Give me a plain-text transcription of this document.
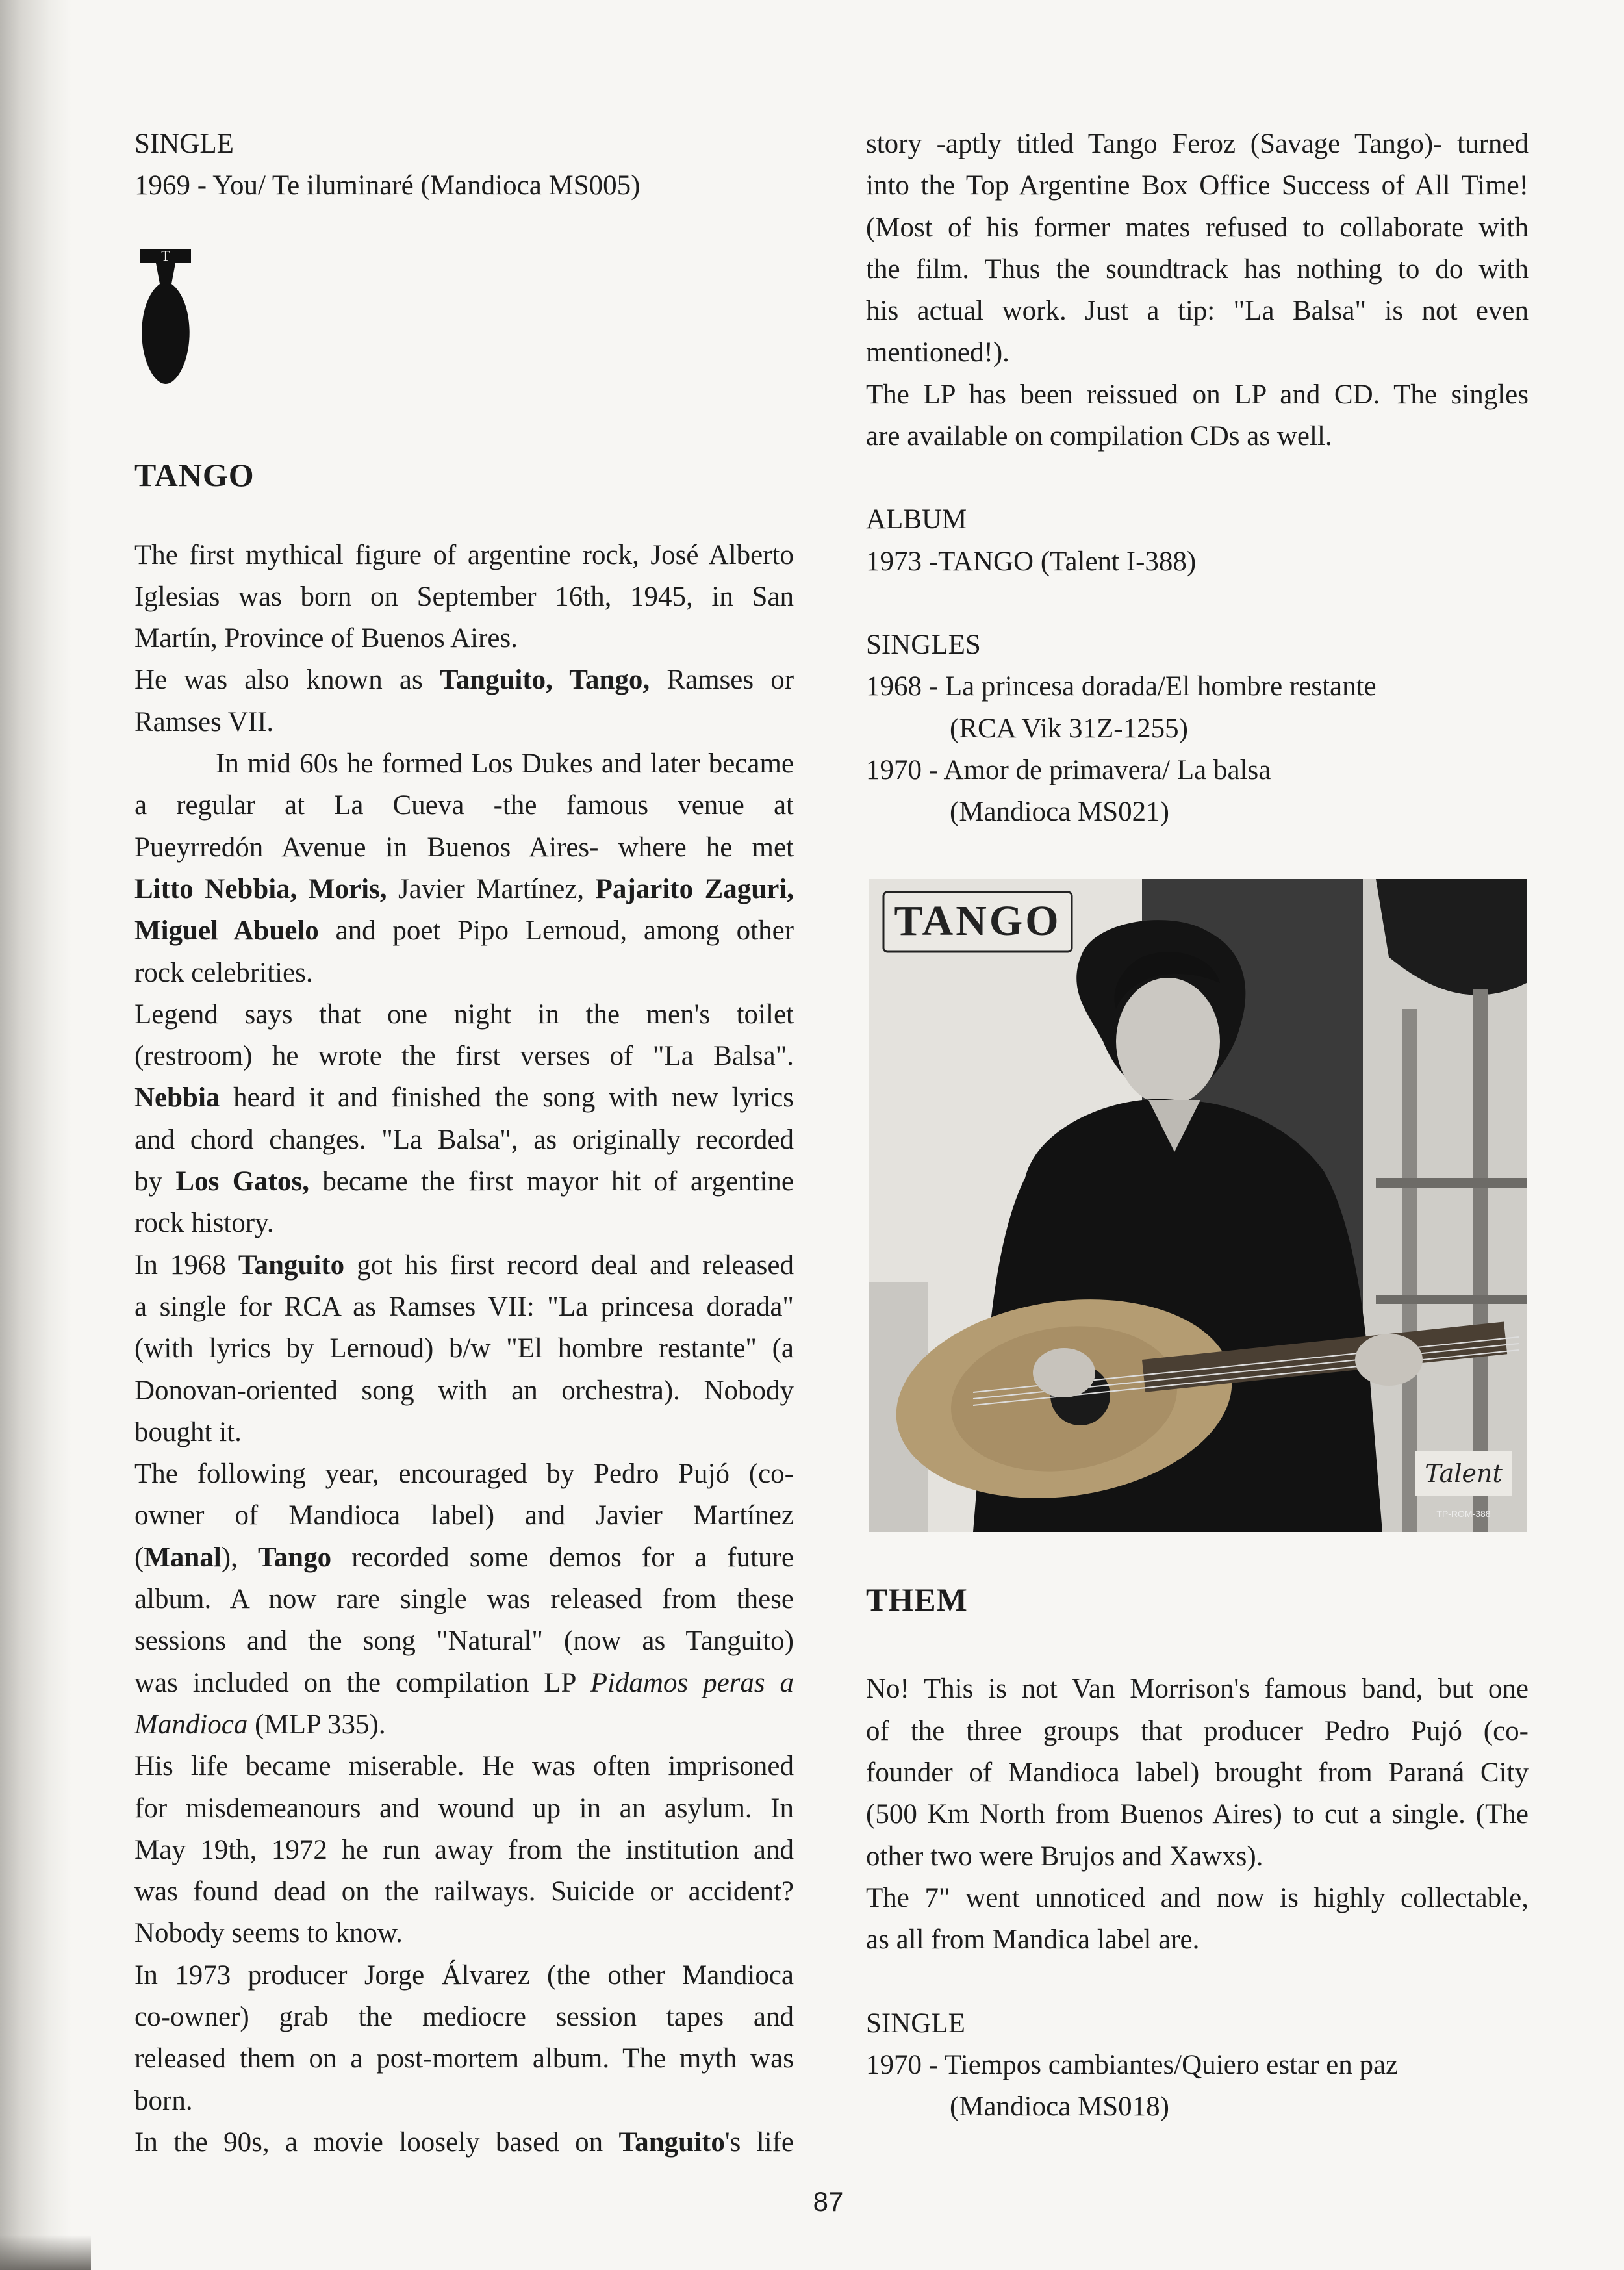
SINGLE
1969 - You/ Te iluminaré (Mandioca MS005)
TANGO
The first mythical figure of argentine rock, José Alberto
Iglesias was born on September 16th, 1945, in San
Martín, Province of Buenos Aires.
He was also known as Tanguito, Tango, Ramses or
Ramses VII.
In mid 60s he formed Los Dukes and later became
a regular at La Cueva -the famous venue at
Pueyrredón Avenue in Buenos Aires- where he met
Litto Nebbia, Moris, Javier Martínez, Pajarito Zaguri,
Miguel Abuelo and poet Pipo Lernoud, among other
rock celebrities.
Legend says that one night in the men's toilet
(restroom) he wrote the first verses of "La Balsa".
Nebbia heard it and finished the song with new lyrics
and chord changes. "La Balsa", as originally recorded
by Los Gatos, became the first mayor hit of argentine
rock history.
In 1968 Tanguito got his first record deal and released
a single for RCA as Ramses VII: "La princesa dorada"
(with lyrics by Lernoud) b/w "El hombre restante" (a
Donovan-oriented song with an orchestra). Nobody
bought it.
The following year, encouraged by Pedro Pujó (co-
owner of Mandioca label) and Javier Martínez
(Manal), Tango recorded some demos for a future
album. A now rare single was released from these
sessions and the song "Natural" (now as Tanguito)
was included on the compilation LP Pidamos peras a
Mandioca (MLP 335).
His life became miserable. He was often imprisoned
for misdemeanours and wound up in an asylum. In
May 19th, 1972 he run away from the institution and
was found dead on the railways. Suicide or accident?
Nobody seems to know.
In 1973 producer Jorge Álvarez (the other Mandioca
co-owner) grab the mediocre session tapes and
released them on a post-mortem album. The myth was
born.
In the 90s, a movie loosely based on Tanguito's life
T
story -aptly titled Tango Feroz (Savage Tango)- turned
into the Top Argentine Box Office Success of All Time!
(Most of his former mates refused to collaborate with
the film. Thus the soundtrack has nothing to do with
his actual work. Just a tip: "La Balsa" is not even
mentioned!).
The LP has been reissued on LP and CD. The singles
are available on compilation CDs as well.
ALBUM
1973 -TANGO (Talent I-388)
SINGLES
1968 - La princesa dorada/El hombre restante
(RCA Vik 31Z-1255)
1970 - Amor de primavera/ La balsa
(Mandioca MS021)
THEM
No! This is not Van Morrison's famous band, but one
of the three groups that producer Pedro Pujó (co-
founder of Mandioca label) brought from Paraná City
(500 Km North from Buenos Aires) to cut a single. (The
other two were Brujos and Xawxs).
The 7" went unnoticed and now is highly collectable,
as all from Mandica label are.
SINGLE
1970 - Tiempos cambiantes/Quiero estar en paz
(Mandioca MS018)
TANGO
Talent
TP-ROM-388
87
